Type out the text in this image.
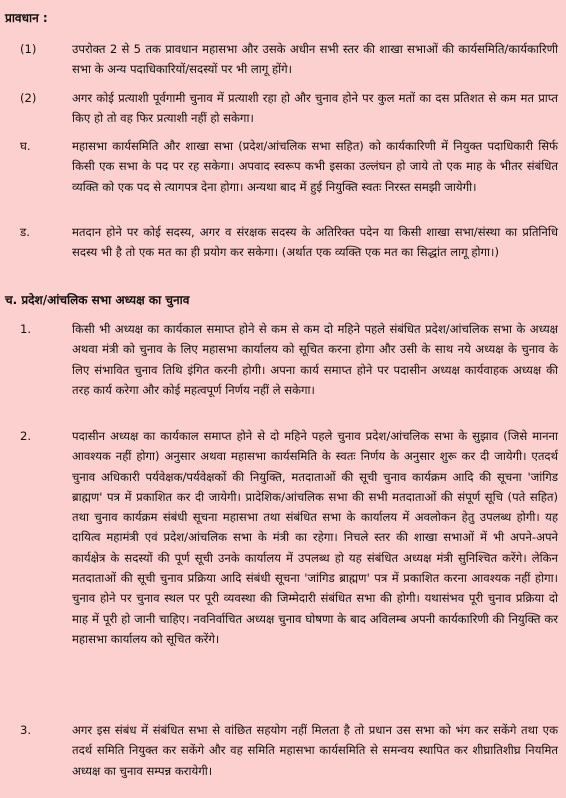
प्रावधान :
(1)	उपरोक्त 2 से 5 तक प्रावधान महासभा और उसके अधीन सभी स्तर की शाखा सभाओं की कार्यसमिति/कार्यकारिणी सभा के अन्य पदाधिकारियों/सदस्यों पर भी लागू होंगे।

(2)	अगर कोई प्रत्याशी पूर्वगामी चुनाव में प्रत्याशी रहा हो और चुनाव होने पर कुल मतों का दस प्रतिशत से कम मत प्राप्त किए हो तो वह फिर प्रत्याशी नहीं हो सकेगा।

घ.	महासभा कार्यसमिति और शाखा सभा (प्रदेश/आंचलिक सभा सहित) को कार्यकारिणी में नियुक्त पदाधिकारी सिर्फ किसी एक सभा के पद पर रह सकेगा। अपवाद स्वरूप कभी इसका उल्लंघन हो जाये तो एक माह के भीतर संबंधित व्यक्ति को एक पद से त्यागपत्र देना होगा। अन्यथा बाद में हुई नियुक्ति स्वतः निरस्त समझी जायेगी।

ड.	मतदान होने पर कोई सदस्य, अगर व संरक्षक सदस्य के अतिरिक्त पदेन या किसी शाखा सभा/संस्था का प्रतिनिधि सदस्य भी है तो एक मत का ही प्रयोग कर सकेगा। (अर्थात एक व्यक्ति एक मत का सिद्धांत लागू होगा।)

च. प्रदेश/आंचलिक सभा अध्यक्ष का चुनाव
1.	किसी भी अध्यक्ष का कार्यकाल समाप्त होने से कम से कम दो महिने पहले संबंधित प्रदेश/आंचलिक सभा के अध्यक्ष अथवा मंत्री को चुनाव के लिए महासभा कार्यालय को सूचित करना होगा और उसी के साथ नये अध्यक्ष के चुनाव के लिए संभावित चुनाव तिथि इंगित करनी होगी। अपना कार्य समाप्त होने पर पदासीन अध्यक्ष कार्यवाहक अध्यक्ष की तरह कार्य करेगा और कोई महत्वपूर्ण निर्णय नहीं ले सकेगा।

2.	पदासीन अध्यक्ष का कार्यकाल समाप्त होने से दो महिने पहले चुनाव प्रदेश/आंचलिक सभा के सुझाव (जिसे मानना आवश्यक नहीं होगा) अनुसार अथवा महासभा कार्यसमिति के स्वतः निर्णय के अनुसार शुरू कर दी जायेगी। एतदर्थ चुनाव अधिकारी पर्यवेक्षक/पर्यवेक्षकों की नियुक्ति, मतदाताओं की सूची चुनाव कार्यक्रम आदि की सूचना 'जांगिड ब्राह्मण' पत्र में प्रकाशित कर दी जायेगी। प्रादेशिक/आंचलिक सभा की सभी मतदाताओं की संपूर्ण सूचि (पते सहित) तथा चुनाव कार्यक्रम संबंधी सूचना महासभा तथा संबंधित सभा के कार्यालय में अवलोकन हेतु उपलब्ध होगी। यह दायित्व महामंत्री एवं प्रदेश/आंचलिक सभा के मंत्री का रहेगा। निचले स्तर की शाखा सभाओं में भी अपने-अपने कार्यक्षेत्र के सदस्यों की पूर्ण सूची उनके कार्यालय में उपलब्ध हो यह संबंधित अध्यक्ष मंत्री सुनिश्चित करेंगे। लेकिन मतदाताओं की सूची चुनाव प्रक्रिया आदि संबंधी सूचना 'जांगिड ब्राह्मण' पत्र में प्रकाशित करना आवश्यक नहीं होगा। चुनाव होने पर चुनाव स्थल पर पूरी व्यवस्था की जिम्मेदारी संबंधित सभा की होगी। यथासंभव पूरी चुनाव प्रक्रिया दो माह में पूरी हो जानी चाहिए। नवनिर्वाचित अध्यक्ष चुनाव घोषणा के बाद अविलम्ब अपनी कार्यकारिणी की नियुक्ति कर महासभा कार्यालय को सूचित करेंगे।

3.	अगर इस संबंध में संबंधित सभा से वांछित सहयोग नहीं मिलता है तो प्रधान उस सभा को भंग कर सकेंगे तथा एक तदर्थ समिति नियुक्त कर सकेंगे और वह समिति महासभा कार्यसमिति से समन्वय स्थापित कर शीघ्रातिशीघ्र नियमित अध्यक्ष का चुनाव सम्पन्न करायेगी।
